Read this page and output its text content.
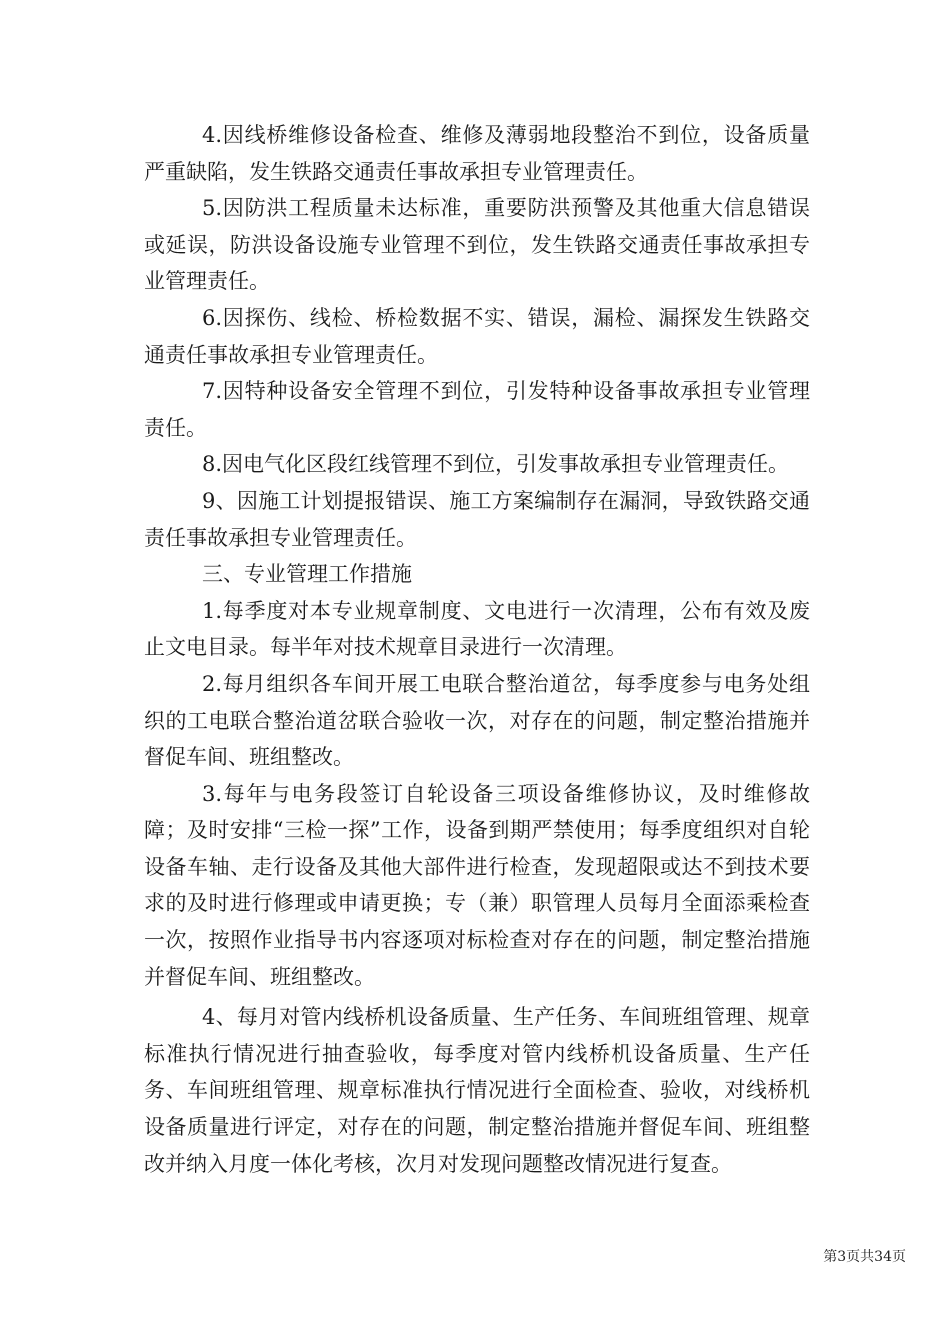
4.因线桥维修设备检查、维修及薄弱地段整治不到位，设备质量严重缺陷，发生铁路交通责任事故承担专业管理责任。

5.因防洪工程质量未达标准，重要防洪预警及其他重大信息错误或延误，防洪设备设施专业管理不到位，发生铁路交通责任事故承担专业管理责任。

6.因探伤、线检、桥检数据不实、错误，漏检、漏探发生铁路交通责任事故承担专业管理责任。

7.因特种设备安全管理不到位，引发特种设备事故承担专业管理责任。

8.因电气化区段红线管理不到位，引发事故承担专业管理责任。

9、因施工计划提报错误、施工方案编制存在漏洞，导致铁路交通责任事故承担专业管理责任。

三、专业管理工作措施

1.每季度对本专业规章制度、文电进行一次清理，公布有效及废止文电目录。每半年对技术规章目录进行一次清理。

2.每月组织各车间开展工电联合整治道岔，每季度参与电务处组织的工电联合整治道岔联合验收一次，对存在的问题，制定整治措施并督促车间、班组整改。

3.每年与电务段签订自轮设备三项设备维修协议，及时维修故障；及时安排“三检一探”工作，设备到期严禁使用；每季度组织对自轮设备车轴、走行设备及其他大部件进行检查，发现超限或达不到技术要求的及时进行修理或申请更换；专（兼）职管理人员每月全面添乘检查一次，按照作业指导书内容逐项对标检查对存在的问题，制定整治措施并督促车间、班组整改。

4、每月对管内线桥机设备质量、生产任务、车间班组管理、规章标准执行情况进行抽查验收，每季度对管内线桥机设备质量、生产任务、车间班组管理、规章标准执行情况进行全面检查、验收，对线桥机设备质量进行评定，对存在的问题，制定整治措施并督促车间、班组整改并纳入月度一体化考核，次月对发现问题整改情况进行复查。

第3页共34页
